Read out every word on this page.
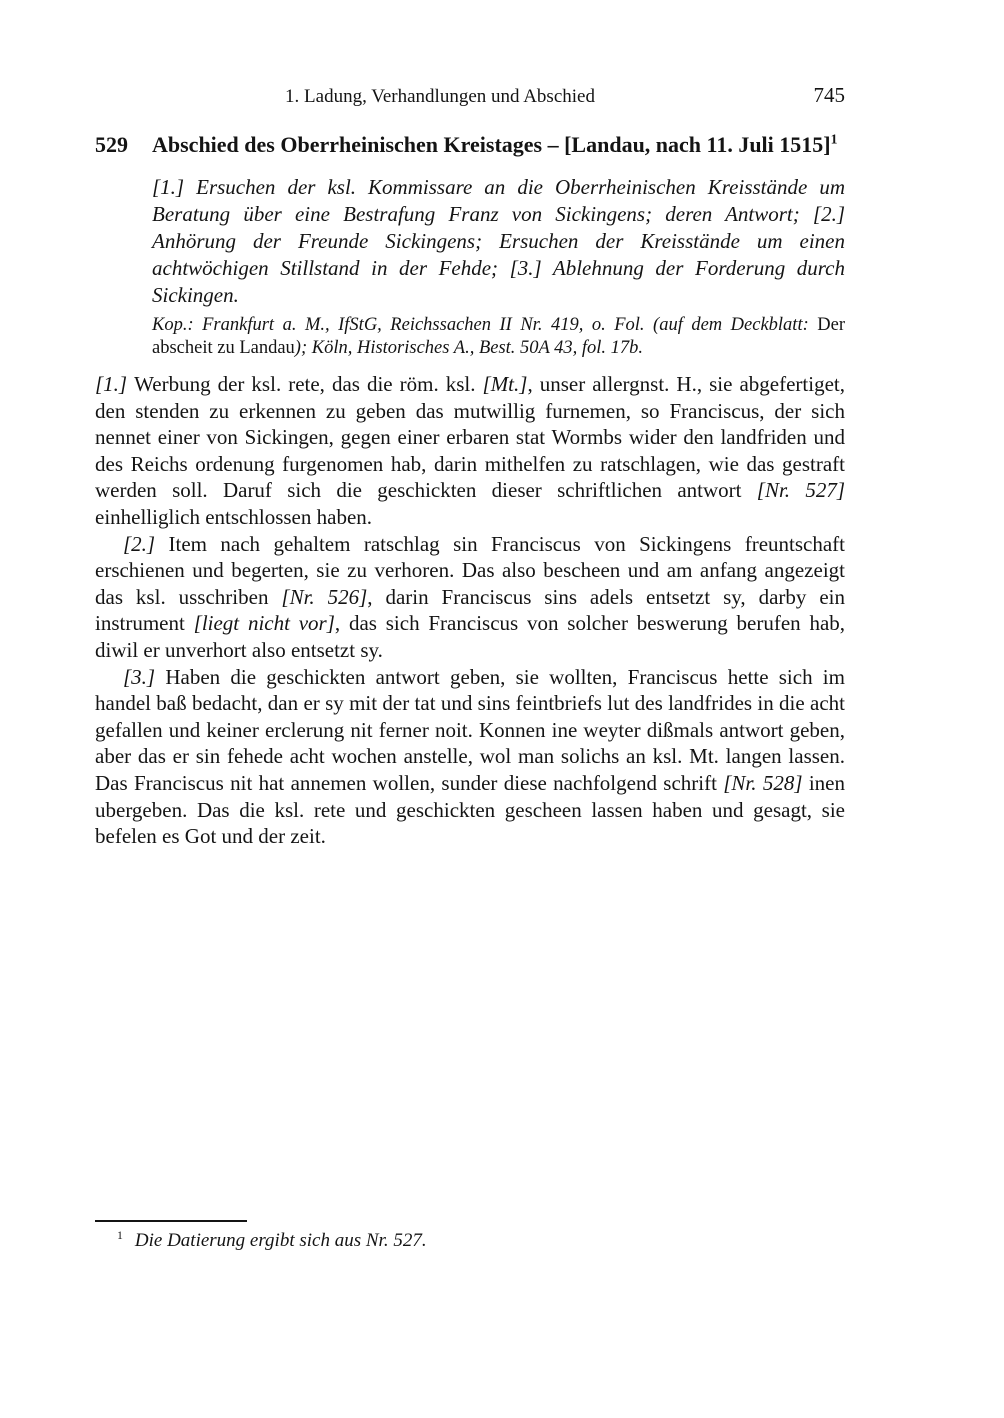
1. Ladung, Verhandlungen und Abschied	745
529	Abschied des Oberrheinischen Kreistages – [Landau, nach 11. Juli 1515]$^1$
[1.] Ersuchen der ksl. Kommissare an die Oberrheinischen Kreisstände um Beratung über eine Bestrafung Franz von Sickingens; deren Antwort; [2.] Anhörung der Freunde Sickingens; Ersuchen der Kreisstände um einen achtwöchigen Stillstand in der Fehde; [3.] Ablehnung der Forderung durch Sickingen.
Kop.: Frankfurt a. M., IfStG, Reichssachen II Nr. 419, o. Fol. (auf dem Deckblatt: Der abscheit zu Landau); Köln, Historisches A., Best. 50A 43, fol. 17b.

[1.] Werbung der ksl. rete, das die röm. ksl. [Mt.], unser allergnst. H., sie abgefertiget, den stenden zu erkennen zu geben das mutwillig furnemen, so Franciscus, der sich nennet einer von Sickingen, gegen einer erbaren stat Wormbs wider den landfriden und des Reichs ordenung furgenomen hab, darin mithelfen zu ratschlagen, wie das gestraft werden soll. Daruf sich die geschickten dieser schriftlichen antwort [Nr. 527] einhelliglich entschlossen haben.

[2.] Item nach gehaltem ratschlag sin Franciscus von Sickingens freuntschaft erschienen und begerten, sie zu verhoren. Das also bescheen und am anfang angezeigt das ksl. usschriben [Nr. 526], darin Franciscus sins adels entsetzt sy, darby ein instrument [liegt nicht vor], das sich Franciscus von solcher beswerung berufen hab, diwil er unverhort also entsetzt sy.

[3.] Haben die geschickten antwort geben, sie wollten, Franciscus hette sich im handel baß bedacht, dan er sy mit der tat und sins feintbriefs lut des landfrides in die acht gefallen und keiner erclerung nit ferner noit. Konnen ine weyter dißmals antwort geben, aber das er sin fehede acht wochen anstelle, wol man solichs an ksl. Mt. langen lassen. Das Franciscus nit hat annemen wollen, sunder diese nachfolgend schrift [Nr. 528] inen ubergeben. Das die ksl. rete und geschickten gescheen lassen haben und gesagt, sie befelen es Got und der zeit.

$^1$ Die Datierung ergibt sich aus Nr. 527.
